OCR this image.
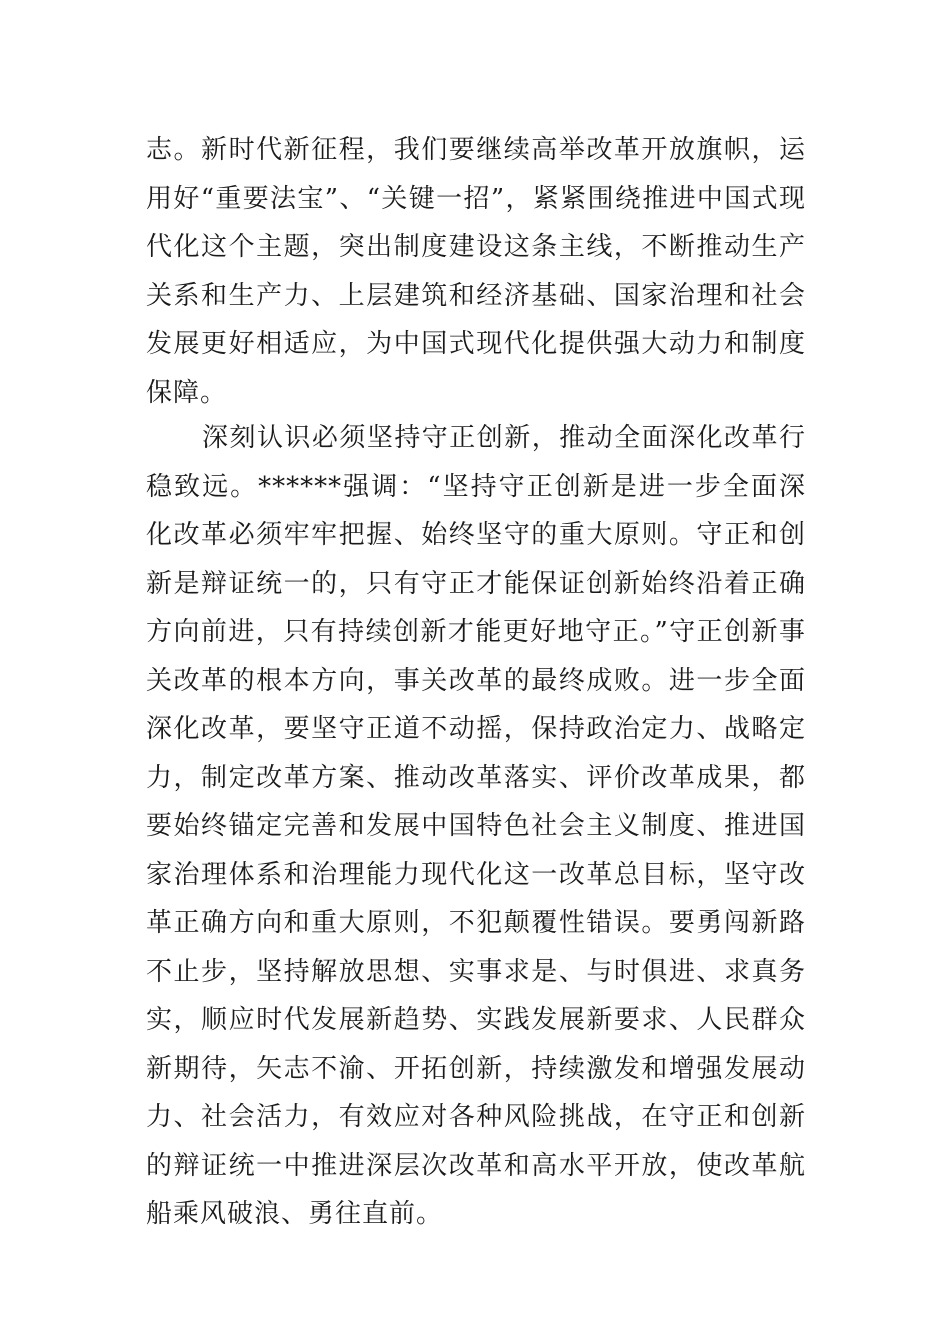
志。新时代新征程，我们要继续高举改革开放旗帜，运用好“重要法宝”、“关键一招”，紧紧围绕推进中国式现代化这个主题，突出制度建设这条主线，不断推动生产关系和生产力、上层建筑和经济基础、国家治理和社会发展更好相适应，为中国式现代化提供强大动力和制度保障。

深刻认识必须坚持守正创新，推动全面深化改革行稳致远。******强调：“坚持守正创新是进一步全面深化改革必须牢牢把握、始终坚守的重大原则。守正和创新是辩证统一的，只有守正才能保证创新始终沿着正确方向前进，只有持续创新才能更好地守正。”守正创新事关改革的根本方向，事关改革的最终成败。进一步全面深化改革，要坚守正道不动摇，保持政治定力、战略定力，制定改革方案、推动改革落实、评价改革成果，都要始终锚定完善和发展中国特色社会主义制度、推进国家治理体系和治理能力现代化这一改革总目标，坚守改革正确方向和重大原则，不犯颠覆性错误。要勇闯新路不止步，坚持解放思想、实事求是、与时俱进、求真务实，顺应时代发展新趋势、实践发展新要求、人民群众新期待，矢志不渝、开拓创新，持续激发和增强发展动力、社会活力，有效应对各种风险挑战，在守正和创新的辩证统一中推进深层次改革和高水平开放，使改革航船乘风破浪、勇往直前。
